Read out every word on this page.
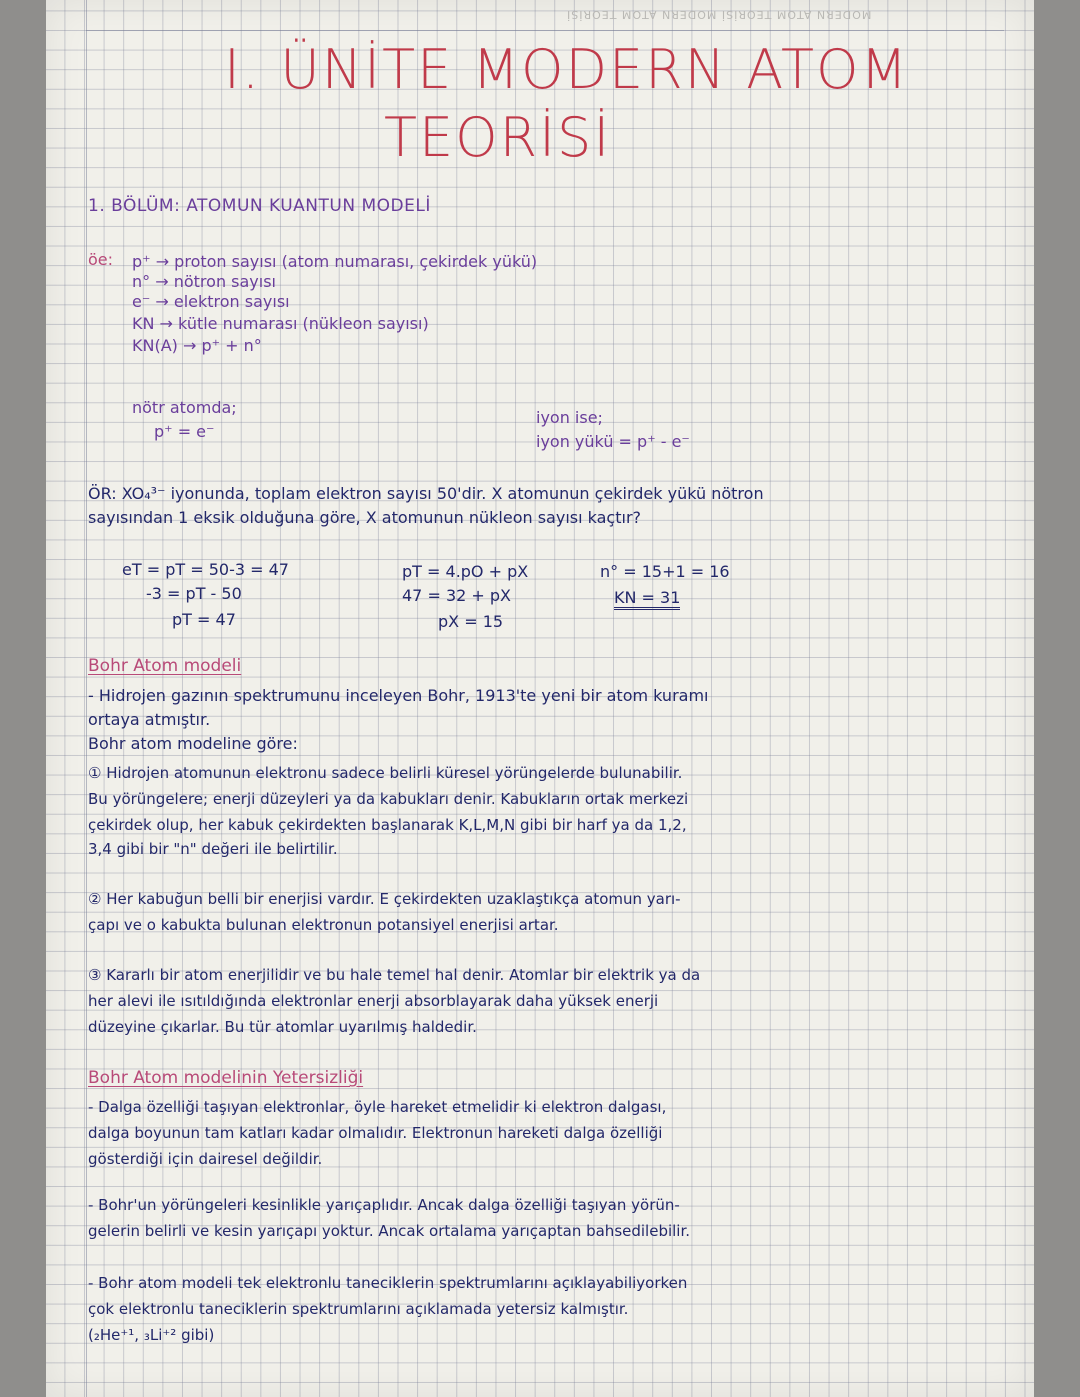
MODERN ATOM TEORİSİ MODERN ATOM TEORİSİ
I. ÜNİTE MODERN ATOM
TEORİSİ
1. BÖLÜM: ATOMUN KUANTUN MODELİ
öe: p⁺ → proton sayısı (atom numarası, çekirdek yükü)
n° → nötron sayısı
e⁻ → elektron sayısı
KN → kütle numarası (nükleon sayısı)
KN(A) → p⁺ + n°
nötr atomda;
p⁺ = e⁻
iyon ise;
iyon yükü = p⁺ - e⁻
ÖR: XO₄³⁻ iyonunda, toplam elektron sayısı 50'dir. X atomunun çekirdek yükü nötron
sayısından 1 eksik olduğuna göre, X atomunun nükleon sayısı kaçtır?
eT = pT = 50-3 = 47
-3 = pT - 50
pT = 47
pT = 4.pO + pX
47 = 32 + pX
pX = 15
n° = 15+1 = 16
KN = 31
Bohr Atom modeli
- Hidrojen gazının spektrumunu inceleyen Bohr, 1913'te yeni bir atom kuramı
ortaya atmıştır.
Bohr atom modeline göre:
① Hidrojen atomunun elektronu sadece belirli küresel yörüngelerde bulunabilir.
Bu yörüngelere; enerji düzeyleri ya da kabukları denir. Kabukların ortak merkezi
çekirdek olup, her kabuk çekirdekten başlanarak K,L,M,N gibi bir harf ya da 1,2,
3,4 gibi bir "n" değeri ile belirtilir.
② Her kabuğun belli bir enerjisi vardır. E çekirdekten uzaklaştıkça atomun yarı-
çapı ve o kabukta bulunan elektronun potansiyel enerjisi artar.
③ Kararlı bir atom enerjilidir ve bu hale temel hal denir. Atomlar bir elektrik ya da
her alevi ile ısıtıldığında elektronlar enerji absorblayarak daha yüksek enerji
düzeyine çıkarlar. Bu tür atomlar uyarılmış haldedir.
Bohr Atom modelinin Yetersizliği
- Dalga özelliği taşıyan elektronlar, öyle hareket etmelidir ki elektron dalgası,
dalga boyunun tam katları kadar olmalıdır. Elektronun hareketi dalga özelliği
gösterdiği için dairesel değildir.
- Bohr'un yörüngeleri kesinlikle yarıçaplıdır. Ancak dalga özelliği taşıyan yörün-
gelerin belirli ve kesin yarıçapı yoktur. Ancak ortalama yarıçaptan bahsedilebilir.
- Bohr atom modeli tek elektronlu taneciklerin spektrumlarını açıklayabiliyorken
çok elektronlu taneciklerin spektrumlarını açıklamada yetersiz kalmıştır.
(₂He⁺¹, ₃Li⁺² gibi)
